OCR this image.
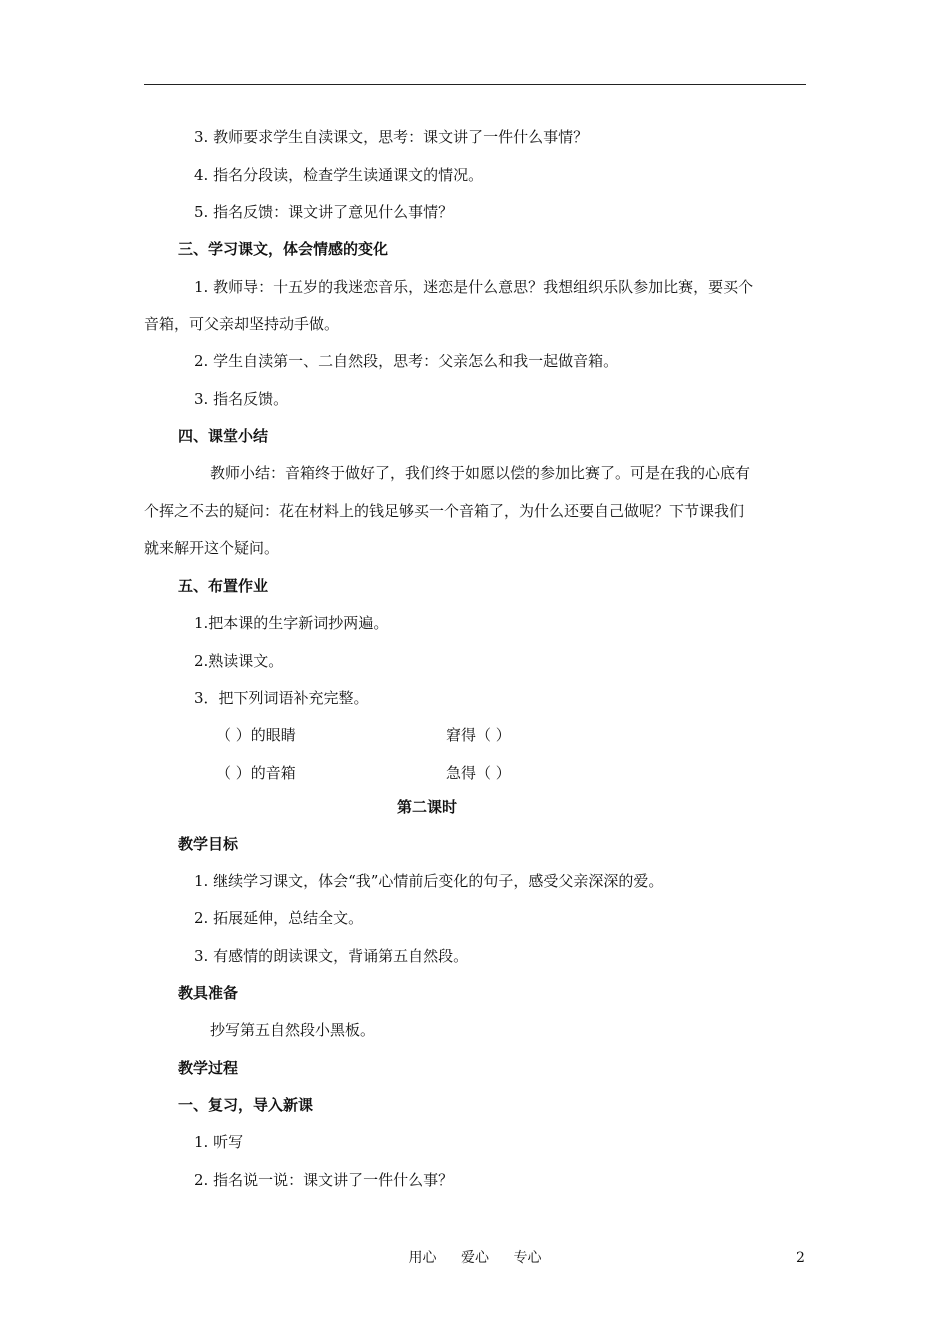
3. 教师要求学生自渎课文，思考：课文讲了一件什么事情？
4. 指名分段读，检查学生读通课文的情况。
5. 指名反馈：课文讲了意见什么事情？
三、学习课文，体会情感的变化
1. 教师导：十五岁的我迷恋音乐，迷恋是什么意思？我想组织乐队参加比赛，要买个
音箱，可父亲却坚持动手做。
2. 学生自渎第一、二自然段，思考：父亲怎么和我一起做音箱。
3. 指名反馈。
四、课堂小结
教师小结：音箱终于做好了，我们终于如愿以偿的参加比赛了。可是在我的心底有
个挥之不去的疑问：花在材料上的钱足够买一个音箱了，为什么还要自己做呢？下节课我们
就来解开这个疑问。
五、布置作业
1.把本课的生字新词抄两遍。
2.熟读课文。
3．把下列词语补充完整。
（ ）的眼睛	窘得（ ）
（ ）的音箱	急得（ ）
第二课时
教学目标
1. 继续学习课文，体会“我”心情前后变化的句子，感受父亲深深的爱。
2. 拓展延伸，总结全文。
3. 有感情的朗读课文，背诵第五自然段。
教具准备
抄写第五自然段小黑板。
教学过程
一、复习，导入新课
1. 听写
2. 指名说一说：课文讲了一件什么事？
用心 爱心 专心	2
